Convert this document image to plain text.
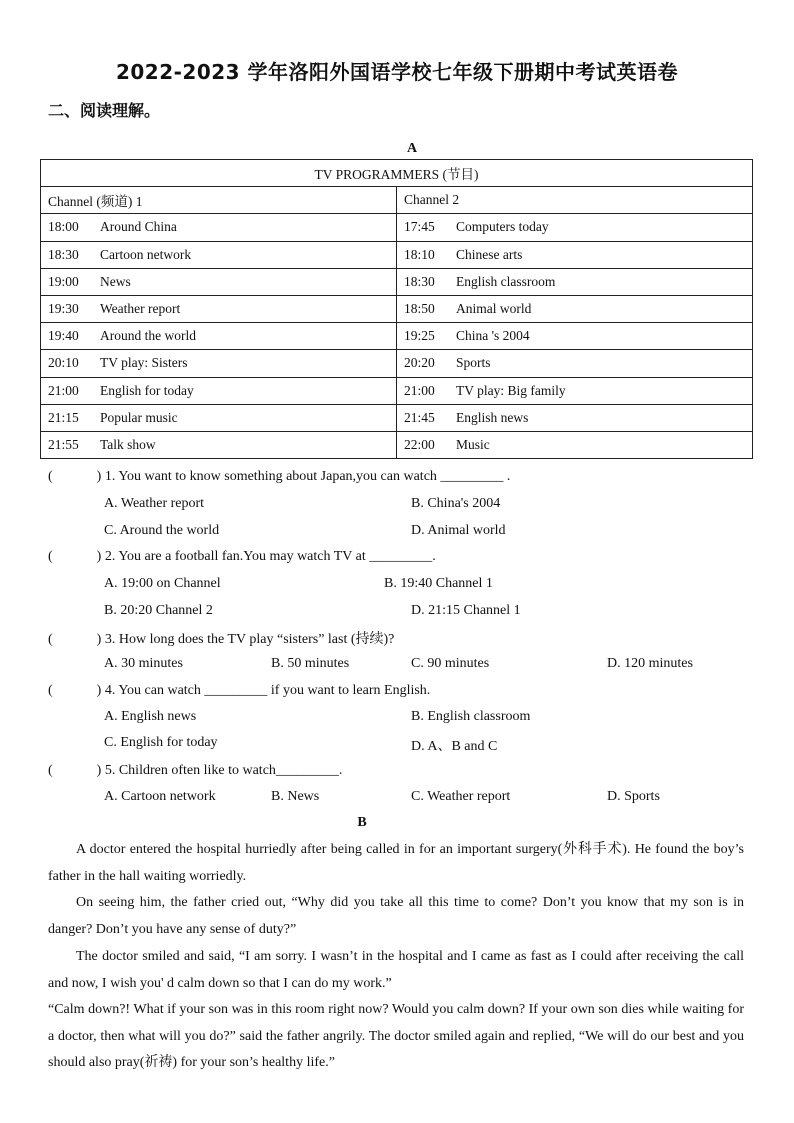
2022-2023 学年洛阳外国语学校七年级下册期中考试英语卷
二、阅读理解。
A
TV PROGRAMMERS (节目)	
Channel (频道) 1	Channel 2
18:00 Around China	17:45 Computers today
18:30 Cartoon network	18:10 Chinese arts
19:00 News	18:30 English classroom
19:30 Weather report	18:50 Animal world
19:40 Around the world	19:25 China 's 2004
20:10 TV play: Sisters	20:20 Sports
21:00 English for today	21:00 TV play: Big family
21:15 Popular music	21:45 English news
21:55 Talk show	22:00 Music
(	) 1. You want to know something about Japan,you can watch _________ .
A. Weather report	B. China's 2004
C. Around the world	D. Animal world
(	) 2. You are a football fan.You may watch TV at _________.
A. 19:00 on Channel	B. 19:40 Channel 1
B. 20:20 Channel 2	D. 21:15 Channel 1
(	) 3. How long does the TV play “sisters” last (持续)?
A. 30 minutes	B. 50 minutes	C. 90 minutes	D. 120 minutes
(	) 4. You can watch _________ if you want to learn English.
A. English news	B. English classroom
C. English for today	D. A、B and C
(	) 5. Children often like to watch_________.
A. Cartoon network	B. News	C. Weather report	D. Sports
B
A doctor entered the hospital hurriedly after being called in for an important surgery(外科手术). He found the boy’s father in the hall waiting worriedly.
On seeing him, the father cried out, “Why did you take all this time to come? Don’t you know that my son is in danger? Don’t you have any sense of duty?”
The doctor smiled and said, “I am sorry. I wasn’t in the hospital and I came as fast as I could after receiving the call and now, I wish you' d calm down so that I can do my work.”
“Calm down?! What if your son was in this room right now? Would you calm down? If your own son dies while waiting for a doctor, then what will you do?” said the father angrily. The doctor smiled again and replied, “We will do our best and you should also pray(祈祷) for your son’s healthy life.”
